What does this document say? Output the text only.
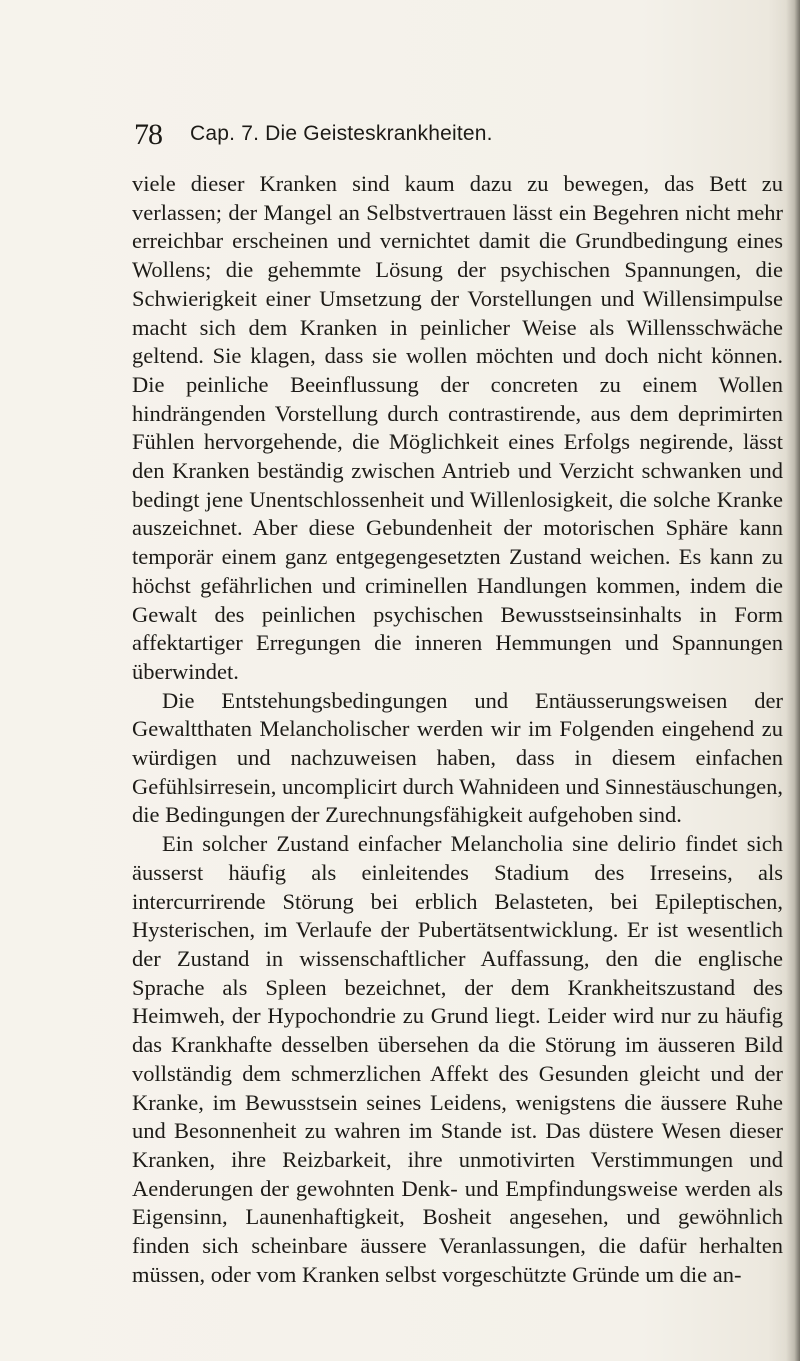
78 Cap. 7. Die Geisteskrankheiten.

viele dieser Kranken sind kaum dazu zu bewegen, das Bett zu verlassen; der Mangel an Selbstvertrauen lässt ein Begehren nicht mehr erreichbar erscheinen und vernichtet damit die Grundbedingung eines Wollens; die gehemmte Lösung der psychischen Spannungen, die Schwierigkeit einer Umsetzung der Vorstellungen und Willensimpulse macht sich dem Kranken in peinlicher Weise als Willensschwäche geltend. Sie klagen, dass sie wollen möchten und doch nicht können. Die peinliche Beeinflussung der concreten zu einem Wollen hindrängenden Vorstellung durch contrastirende, aus dem deprimirten Fühlen hervorgehende, die Möglichkeit eines Erfolgs negirende, lässt den Kranken beständig zwischen Antrieb und Verzicht schwanken und bedingt jene Unentschlossenheit und Willenlosigkeit, die solche Kranke auszeichnet. Aber diese Gebundenheit der motorischen Sphäre kann temporär einem ganz entgegengesetzten Zustand weichen. Es kann zu höchst gefährlichen und criminellen Handlungen kommen, indem die Gewalt des peinlichen psychischen Bewusstseinsinhalts in Form affektartiger Erregungen die inneren Hemmungen und Spannungen überwindet.

Die Entstehungsbedingungen und Entäusserungsweisen der Gewaltthaten Melancholischer werden wir im Folgenden eingehend zu würdigen und nachzuweisen haben, dass in diesem einfachen Gefühlsirresein, uncomplicirt durch Wahnideen und Sinnestäuschungen, die Bedingungen der Zurechnungsfähigkeit aufgehoben sind.

Ein solcher Zustand einfacher Melancholia sine delirio findet sich äusserst häufig als einleitendes Stadium des Irreseins, als intercurrirende Störung bei erblich Belasteten, bei Epileptischen, Hysterischen, im Verlaufe der Pubertätsentwicklung. Er ist wesentlich der Zustand in wissenschaftlicher Auffassung, den die englische Sprache als Spleen bezeichnet, der dem Krankheitszustand des Heimweh, der Hypochondrie zu Grund liegt. Leider wird nur zu häufig das Krankhafte desselben übersehen da die Störung im äusseren Bild vollständig dem schmerzlichen Affekt des Gesunden gleicht und der Kranke, im Bewusstsein seines Leidens, wenigstens die äussere Ruhe und Besonnenheit zu wahren im Stande ist. Das düstere Wesen dieser Kranken, ihre Reizbarkeit, ihre unmotivirten Verstimmungen und Aenderungen der gewohnten Denk- und Empfindungsweise werden als Eigensinn, Launenhaftigkeit, Bosheit angesehen, und gewöhnlich finden sich scheinbare äussere Veranlassungen, die dafür herhalten müssen, oder vom Kranken selbst vorgeschützte Gründe um die an-
